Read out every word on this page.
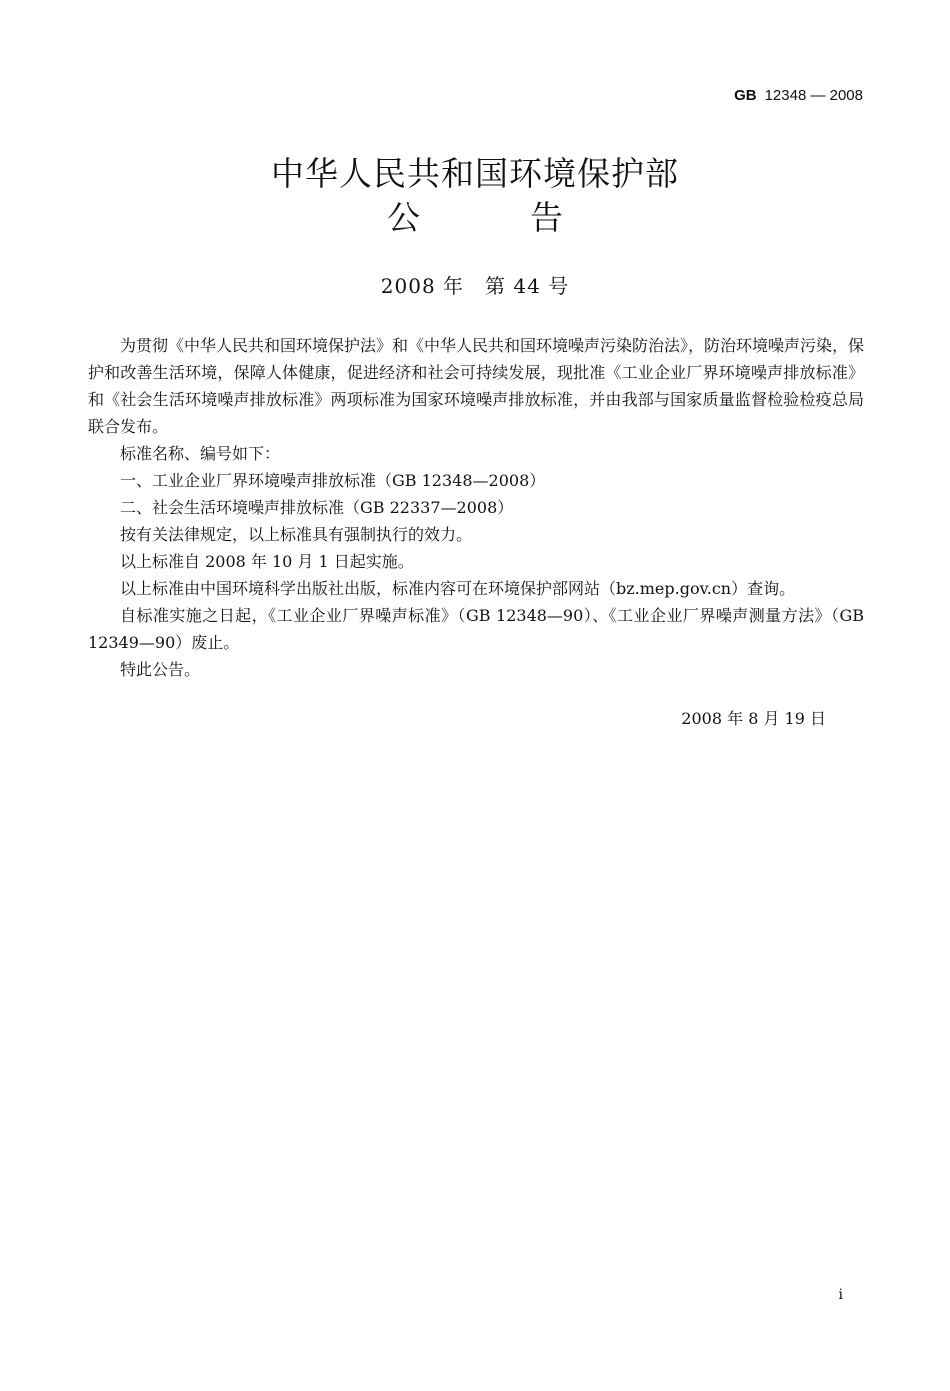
GB 12348 — 2008
中华人民共和国环境保护部
公告
2008 年　第 44 号

为贯彻《中华人民共和国环境保护法》和《中华人民共和国环境噪声污染防治法》，防治环境噪声污染，保护和改善生活环境，保障人体健康，促进经济和社会可持续发展，现批准《工业企业厂界环境噪声排放标准》和《社会生活环境噪声排放标准》两项标准为国家环境噪声排放标准，并由我部与国家质量监督检验检疫总局联合发布。

标准名称、编号如下：

一、工业企业厂界环境噪声排放标准（GB 12348—2008）

二、社会生活环境噪声排放标准（GB 22337—2008）

按有关法律规定，以上标准具有强制执行的效力。

以上标准自 2008 年 10 月 1 日起实施。

以上标准由中国环境科学出版社出版，标准内容可在环境保护部网站（bz.mep.gov.cn）查询。

自标准实施之日起，《工业企业厂界噪声标准》（GB 12348—90）、《工业企业厂界噪声测量方法》（GB 12349—90）废止。

特此公告。

2008 年 8 月 19 日
i
